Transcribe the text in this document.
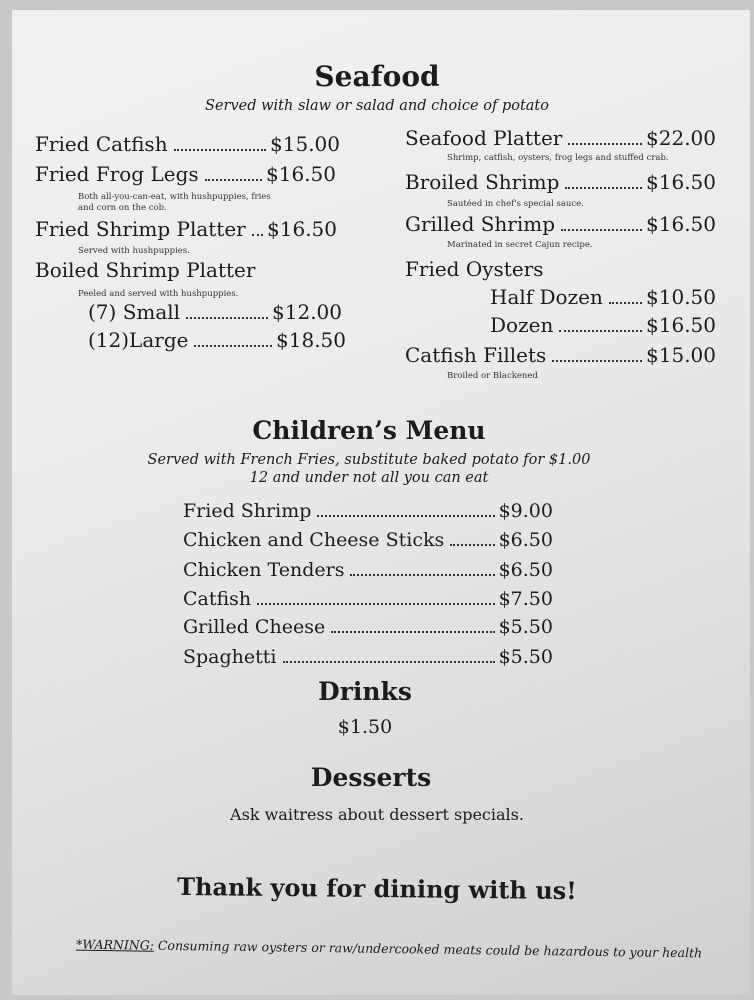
Seafood
Served with slaw or salad and choice of potato
Fried Catfish	$15.00
Fried Frog Legs	$16.50
Both all-you-can-eat, with hushpuppies, fries and corn on the cob.
Fried Shrimp Platter $16.50
Served with hushpuppies.
Boiled Shrimp Platter
Peeled and served with hushpuppies.
(7) Small	$12.00
(12)Large	$18.50
Seafood Platter	$22.00
Shrimp, catfish, oysters, frog legs and stuffed crab.
Broiled Shrimp	$16.50
Sautéed in chef's special sauce.
Grilled Shrimp	$16.50
Marinated in secret Cajun recipe.
Fried Oysters
Half Dozen $10.50
Dozen	$16.50
Catfish Fillets	$15.00
Broiled or Blackened
Children’s Menu
Served with French Fries, substitute baked potato for $1.00
12 and under not all you can eat
Fried Shrimp	$9.00
Chicken and Cheese Sticks	$6.50
Chicken Tenders	$6.50
Catfish	$7.50
Grilled Cheese	$5.50
Spaghetti	$5.50
Drinks
$1.50
Desserts
Ask waitress about dessert specials.
Thank you for dining with us!
*WARNING: Consuming raw oysters or raw/undercooked meats could be hazardous to your health
